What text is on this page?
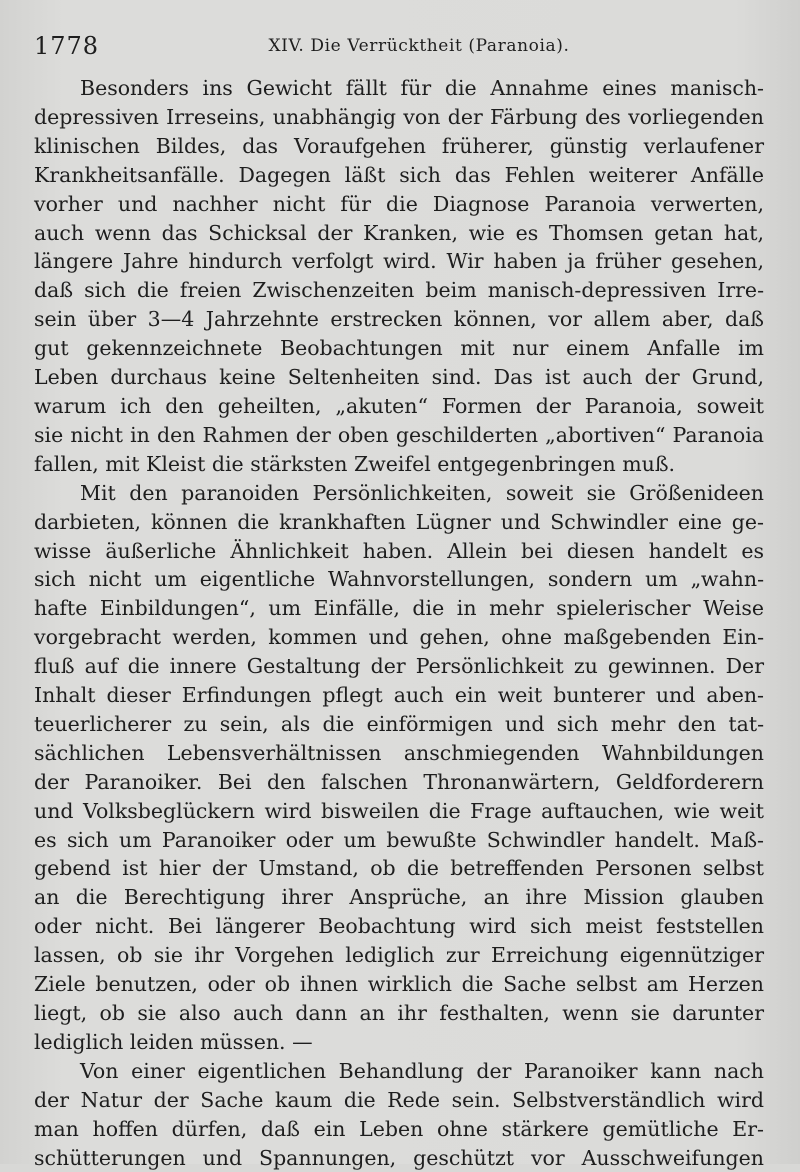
1778	XIV. Die Verrücktheit (Paranoia).

Besonders ins Gewicht fällt für die Annahme eines manisch-
depressiven Irreseins, unabhängig von der Färbung des vorliegenden
klinischen Bildes, das Voraufgehen früherer, günstig verlaufener
Krankheitsanfälle. Dagegen läßt sich das Fehlen weiterer Anfälle
vorher und nachher nicht für die Diagnose Paranoia verwerten,
auch wenn das Schicksal der Kranken, wie es Thomsen getan hat,
längere Jahre hindurch verfolgt wird. Wir haben ja früher gesehen,
daß sich die freien Zwischenzeiten beim manisch-depressiven Irre-
sein über 3—4 Jahrzehnte erstrecken können, vor allem aber, daß
gut gekennzeichnete Beobachtungen mit nur einem Anfalle im
Leben durchaus keine Seltenheiten sind. Das ist auch der Grund,
warum ich den geheilten, „akuten“ Formen der Paranoia, soweit
sie nicht in den Rahmen der oben geschilderten „abortiven“ Paranoia
fallen, mit Kleist die stärksten Zweifel entgegenbringen muß.

Mit den paranoiden Persönlichkeiten, soweit sie Größenideen
darbieten, können die krankhaften Lügner und Schwindler eine ge-
wisse äußerliche Ähnlichkeit haben. Allein bei diesen handelt es
sich nicht um eigentliche Wahnvorstellungen, sondern um „wahn-
hafte Einbildungen“, um Einfälle, die in mehr spielerischer Weise
vorgebracht werden, kommen und gehen, ohne maßgebenden Ein-
fluß auf die innere Gestaltung der Persönlichkeit zu gewinnen. Der
Inhalt dieser Erfindungen pflegt auch ein weit bunterer und aben-
teuerlicherer zu sein, als die einförmigen und sich mehr den tat-
sächlichen Lebensverhältnissen anschmiegenden Wahnbildungen
der Paranoiker. Bei den falschen Thronanwärtern, Geldforderern
und Volksbeglückern wird bisweilen die Frage auftauchen, wie weit
es sich um Paranoiker oder um bewußte Schwindler handelt. Maß-
gebend ist hier der Umstand, ob die betreffenden Personen selbst
an die Berechtigung ihrer Ansprüche, an ihre Mission glauben
oder nicht. Bei längerer Beobachtung wird sich meist feststellen
lassen, ob sie ihr Vorgehen lediglich zur Erreichung eigennütziger
Ziele benutzen, oder ob ihnen wirklich die Sache selbst am Herzen
liegt, ob sie also auch dann an ihr festhalten, wenn sie darunter
lediglich leiden müssen. —

Von einer eigentlichen Behandlung der Paranoiker kann nach
der Natur der Sache kaum die Rede sein. Selbstverständlich wird
man hoffen dürfen, daß ein Leben ohne stärkere gemütliche Er-
schütterungen und Spannungen, geschützt vor Ausschweifungen
